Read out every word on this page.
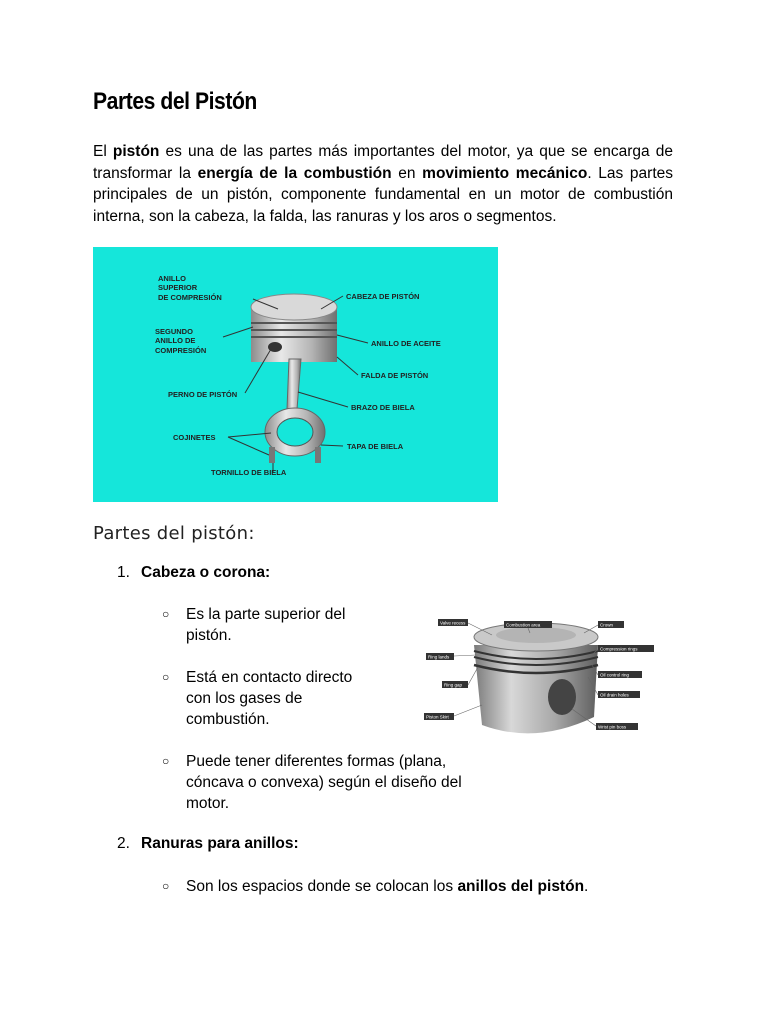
Partes del Pistón

El pistón es una de las partes más importantes del motor, ya que se encarga de transformar la energía de la combustión en movimiento mecánico. Las partes principales de un pistón, componente fundamental en un motor de combustión interna, son la cabeza, la falda, las ranuras y los aros o segmentos.

ANILLO
SUPERIOR
DE COMPRESIÓN
SEGUNDO
ANILLO DE
COMPRESIÓN
PERNO DE PISTÓN
COJINETES
TORNILLO DE BIELA
CABEZA DE PISTÓN
ANILLO DE ACEITE
FALDA DE PISTÓN
BRAZO DE BIELA
TAPA DE BIELA
Partes del pistón:
1. Cabeza o corona:
○ Es la parte superior del pistón.
○ Está en contacto directo con los gases de combustión.
○ Puede tener diferentes formas (plana, cóncava o convexa) según el diseño del motor.
Valve recess
Ring lands
Ring gap
Piston Skirt
Combustion area	Crown
Compression rings
Oil control ring
Oil drain holes
Wrist pin boss
2. Ranuras para anillos:
○ Son los espacios donde se colocan los anillos del pistón.
